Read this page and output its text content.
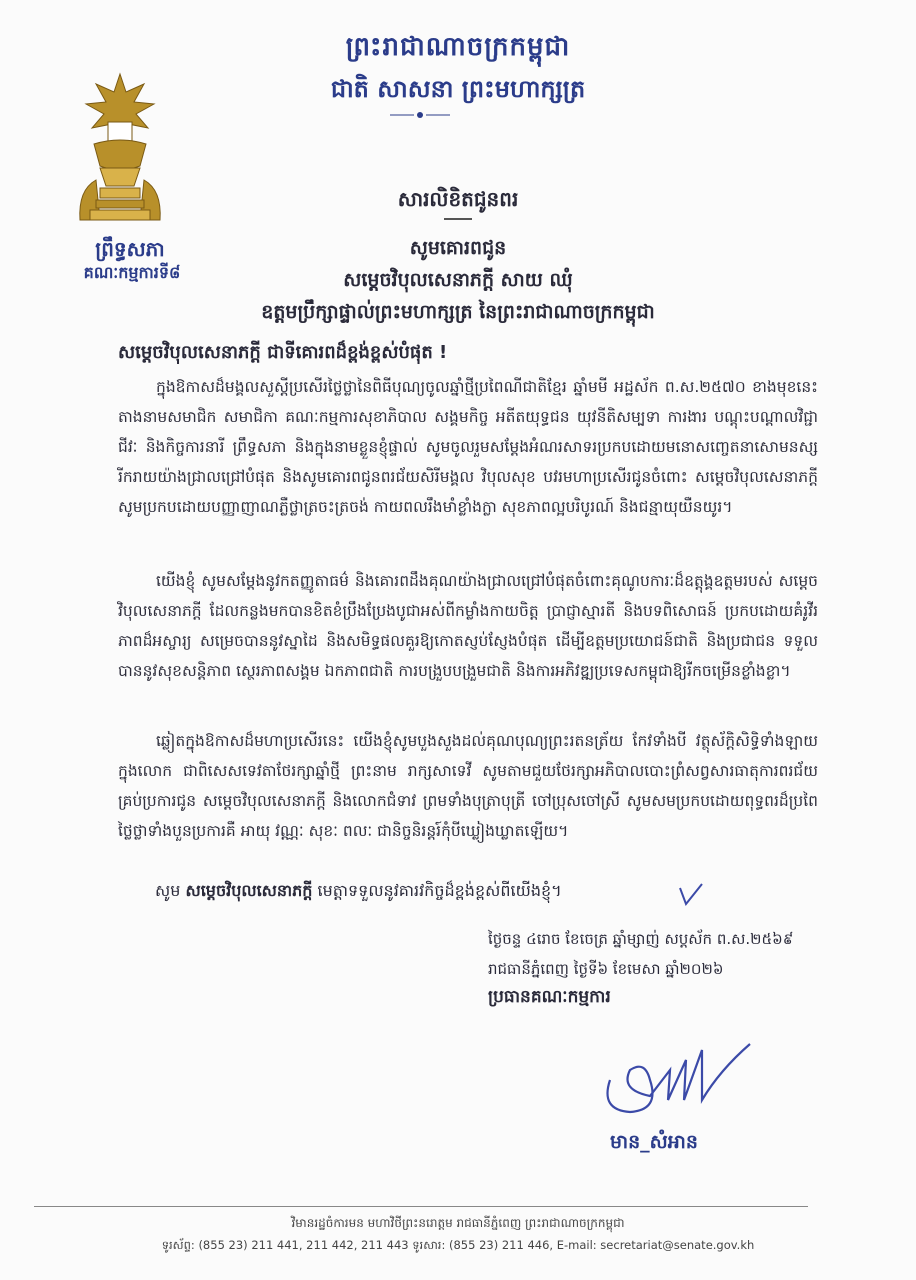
ព្រះរាជាណាចក្រកម្ពុជា
ជាតិ សាសនា ព្រះមហាក្សត្រ
ព្រឹទ្ធសភា
គណៈកម្មការទី៨
សារលិខិតជូនពរ
សូមគោរពជូន
សម្តេចវិបុលសេនាភក្តី សាយ ឈុំ
ឧត្តមប្រឹក្សាផ្ទាល់ព្រះមហាក្សត្រ នៃព្រះរាជាណាចក្រកម្ពុជា
សម្តេចវិបុលសេនាភក្តី ជាទីគោរពដ៏ខ្ពង់ខ្ពស់បំផុត !
ក្នុងឱកាសដ៏មង្គលសួស្តីប្រសើរថ្លៃថ្លានៃពិធីបុណ្យចូលឆ្នាំថ្មីប្រពៃណីជាតិខ្មែរ ឆ្នាំមមី អដ្ឋស័ក ព.ស.២៥៧០ ខាងមុខនេះ តាងនាមសមាជិក សមាជិកា គណៈកម្មការសុខាភិបាល សង្គមកិច្ច អតីតយុទ្ធជន យុវនីតិសម្បទា ការងារ បណ្តុះបណ្តាលវិជ្ជាជីវៈ និងកិច្ចការនារី ព្រឹទ្ធសភា និងក្នុងនាមខ្លួនខ្ញុំផ្ទាល់ សូមចូលរួមសម្តែងអំណរសាទរប្រកបដោយមនោសញ្ចេតនាសោមនស្សរីករាយយ៉ាងជ្រាលជ្រៅបំផុត និងសូមគោរពជូនពរជ័យសិរីមង្គល វិបុលសុខ បវរមហាប្រសើរជូនចំពោះ សម្តេចវិបុលសេនាភក្តី សូមប្រកបដោយបញ្ញាញាណភ្លឺថ្លាត្រចះត្រចង់ កាយពលរឹងមាំខ្លាំងក្លា សុខភាពល្អបរិបូរណ៍ និងជន្មាយុយឺនយូរ។
យើងខ្ញុំ សូមសម្តែងនូវកតញ្ញូតាធម៌ និងគោរពដឹងគុណយ៉ាងជ្រាលជ្រៅបំផុតចំពោះគុណូបការៈដ៏ឧត្តុង្គឧត្តមរបស់ សម្តេចវិបុលសេនាភក្តី ដែលកន្លងមកបានខិតខំប្រឹងប្រែងបូជាអស់ពីកម្លាំងកាយចិត្ត ប្រាជ្ញាស្មារតី និងបទពិសោធន៍ ប្រកបដោយគំរូវីរភាពដ៏អស្ចារ្យ សម្រេចបាននូវស្នាដៃ និងសមិទ្ធផលគួរឱ្យកោតស្ញប់ស្ញែងបំផុត ដើម្បីឧត្តមប្រយោជន៍ជាតិ និងប្រជាជន ទទួលបាននូវសុខសន្តិភាព ស្ថេរភាពសង្គម ឯកភាពជាតិ ការបង្រួបបង្រួមជាតិ និងការអភិវឌ្ឍប្រទេសកម្ពុជាឱ្យរីកចម្រើនខ្លាំងខ្លា។
ឆ្លៀតក្នុងឱកាសដ៏មហាប្រសើរនេះ យើងខ្ញុំសូមបួងសួងដល់គុណបុណ្យព្រះរតនត្រ័យ កែវទាំងបី វត្ថុស័ក្តិសិទ្ធិទាំងឡាយក្នុងលោក ជាពិសេសទេវតាថែរក្សាឆ្នាំថ្មី ព្រះនាម រាក្សសាទេវី សូមតាមជួយថែរក្សាអភិបាលបោះព្រំសព្វសារធាតុការពរជ័យគ្រប់ប្រការជូន សម្តេចវិបុលសេនាភក្តី និងលោកជំទាវ ព្រមទាំងបុត្រាបុត្រី ចៅប្រុសចៅស្រី សូមសមប្រកបដោយពុទ្ធពរដ៏ប្រពៃថ្លៃថ្លាទាំងបួនប្រការគឺ អាយុ វណ្ណៈ សុខៈ ពលៈ ជានិច្ចនិរន្តរ៍កុំបីឃ្លៀងឃ្លាតឡើយ។
សូម សម្តេចវិបុលសេនាភក្តី មេត្តាទទួលនូវគារវកិច្ចដ៏ខ្ពង់ខ្ពស់ពីយើងខ្ញុំ។
ថ្ងៃចន្ទ ៤រោច ខែចេត្រ ឆ្នាំម្សាញ់ សប្តស័ក ព.ស.២៥៦៩
រាជធានីភ្នំពេញ ថ្ងៃទី៦ ខែមេសា ឆ្នាំ២០២៦
ប្រធានគណៈកម្មការ
មាន_សំអាន
វិមានរដ្ឋចំការមន មហាវិថីព្រះនរោត្តម រាជធានីភ្នំពេញ ព្រះរាជាណាចក្រកម្ពុជា
ទូរស័ព្ទ: (855 23) 211 441, 211 442, 211 443 ទូរសារ: (855 23) 211 446, E-mail: secretariat@senate.gov.kh
